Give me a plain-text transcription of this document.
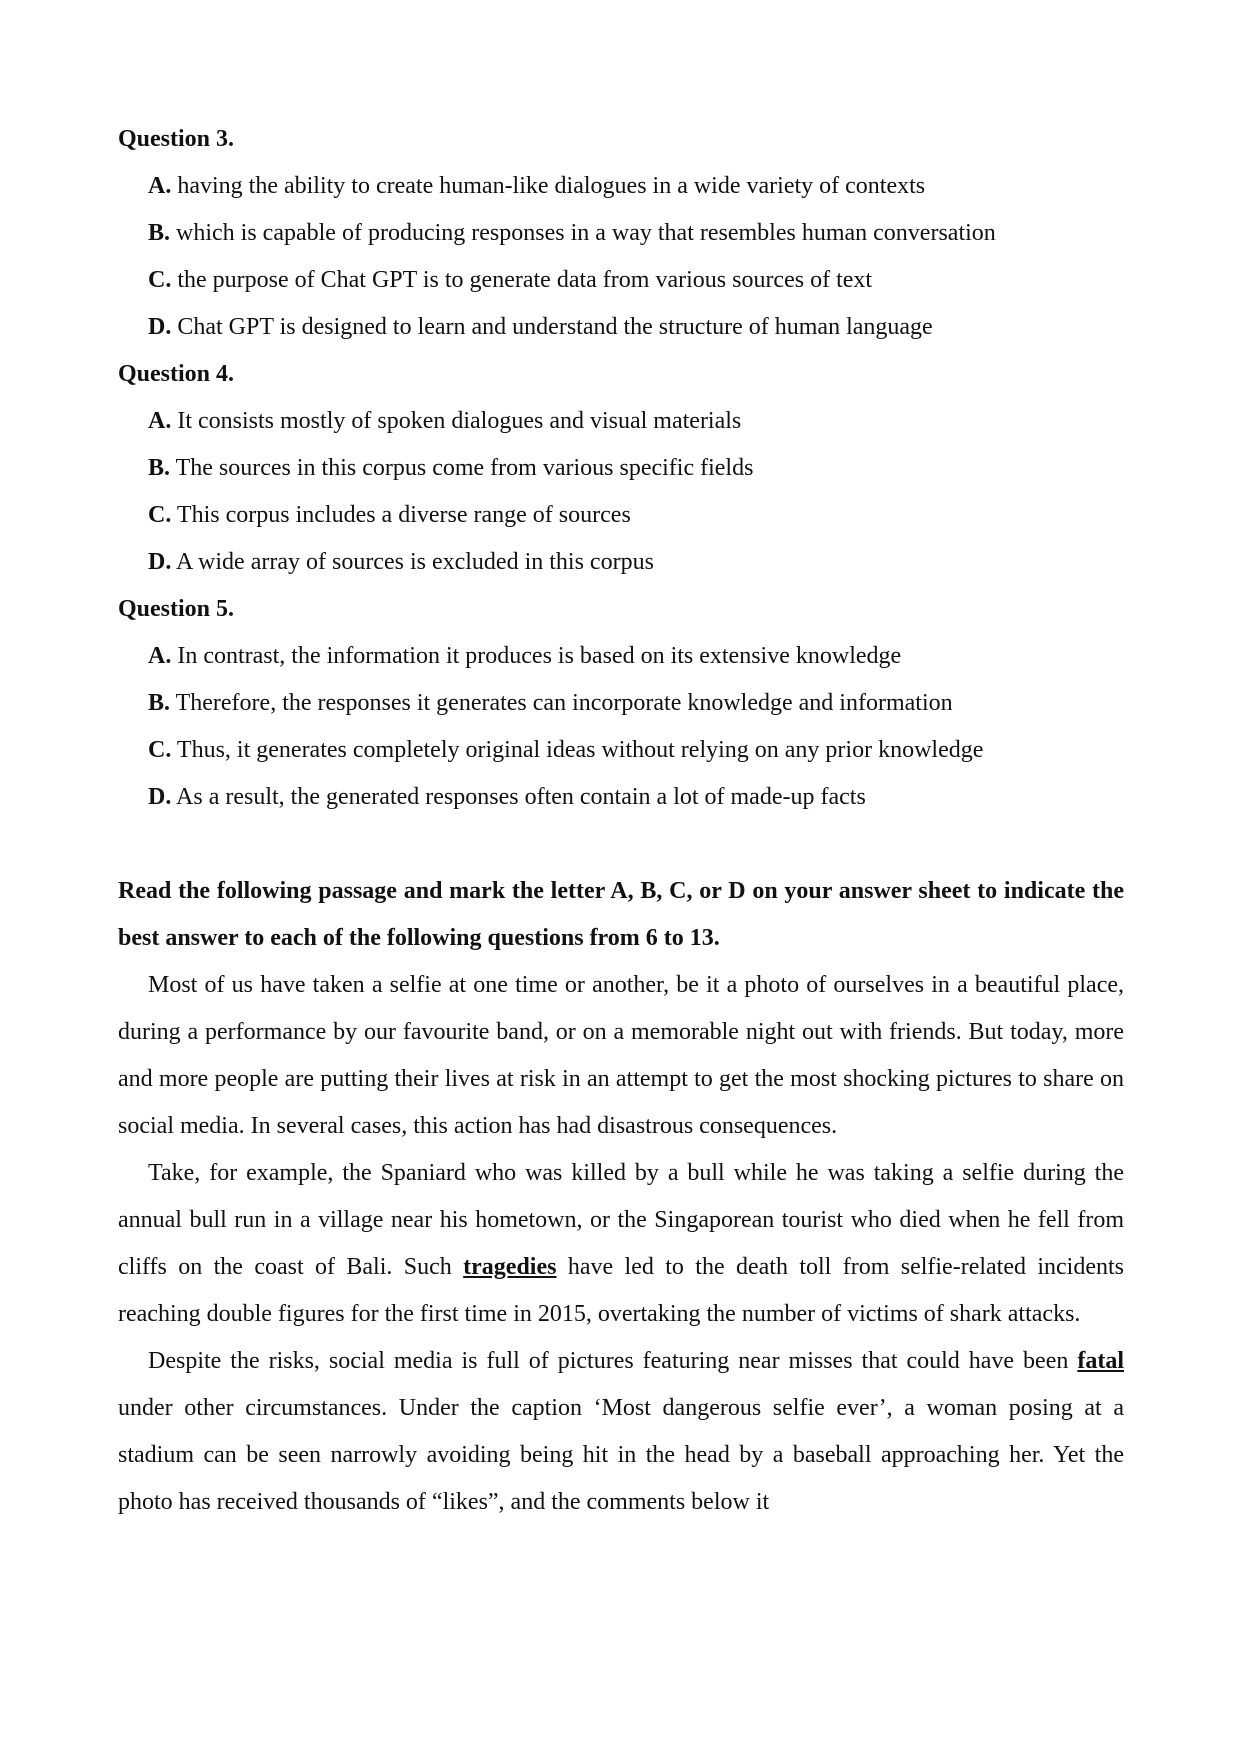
Question 3.
A. having the ability to create human-like dialogues in a wide variety of contexts
B. which is capable of producing responses in a way that resembles human conversation
C. the purpose of Chat GPT is to generate data from various sources of text
D. Chat GPT is designed to learn and understand the structure of human language
Question 4.
A. It consists mostly of spoken dialogues and visual materials
B. The sources in this corpus come from various specific fields
C. This corpus includes a diverse range of sources
D. A wide array of sources is excluded in this corpus
Question 5.
A. In contrast, the information it produces is based on its extensive knowledge
B. Therefore, the responses it generates can incorporate knowledge and information
C. Thus, it generates completely original ideas without relying on any prior knowledge
D. As a result, the generated responses often contain a lot of made-up facts
Read the following passage and mark the letter A, B, C, or D on your answer sheet to indicate the best answer to each of the following questions from 6 to 13.
Most of us have taken a selfie at one time or another, be it a photo of ourselves in a beautiful place, during a performance by our favourite band, or on a memorable night out with friends. But today, more and more people are putting their lives at risk in an attempt to get the most shocking pictures to share on social media. In several cases, this action has had disastrous consequences.
Take, for example, the Spaniard who was killed by a bull while he was taking a selfie during the annual bull run in a village near his hometown, or the Singaporean tourist who died when he fell from cliffs on the coast of Bali. Such tragedies have led to the death toll from selfie-related incidents reaching double figures for the first time in 2015, overtaking the number of victims of shark attacks.
Despite the risks, social media is full of pictures featuring near misses that could have been fatal under other circumstances. Under the caption ‘Most dangerous selfie ever’, a woman posing at a stadium can be seen narrowly avoiding being hit in the head by a baseball approaching her. Yet the photo has received thousands of “likes”, and the comments below it
